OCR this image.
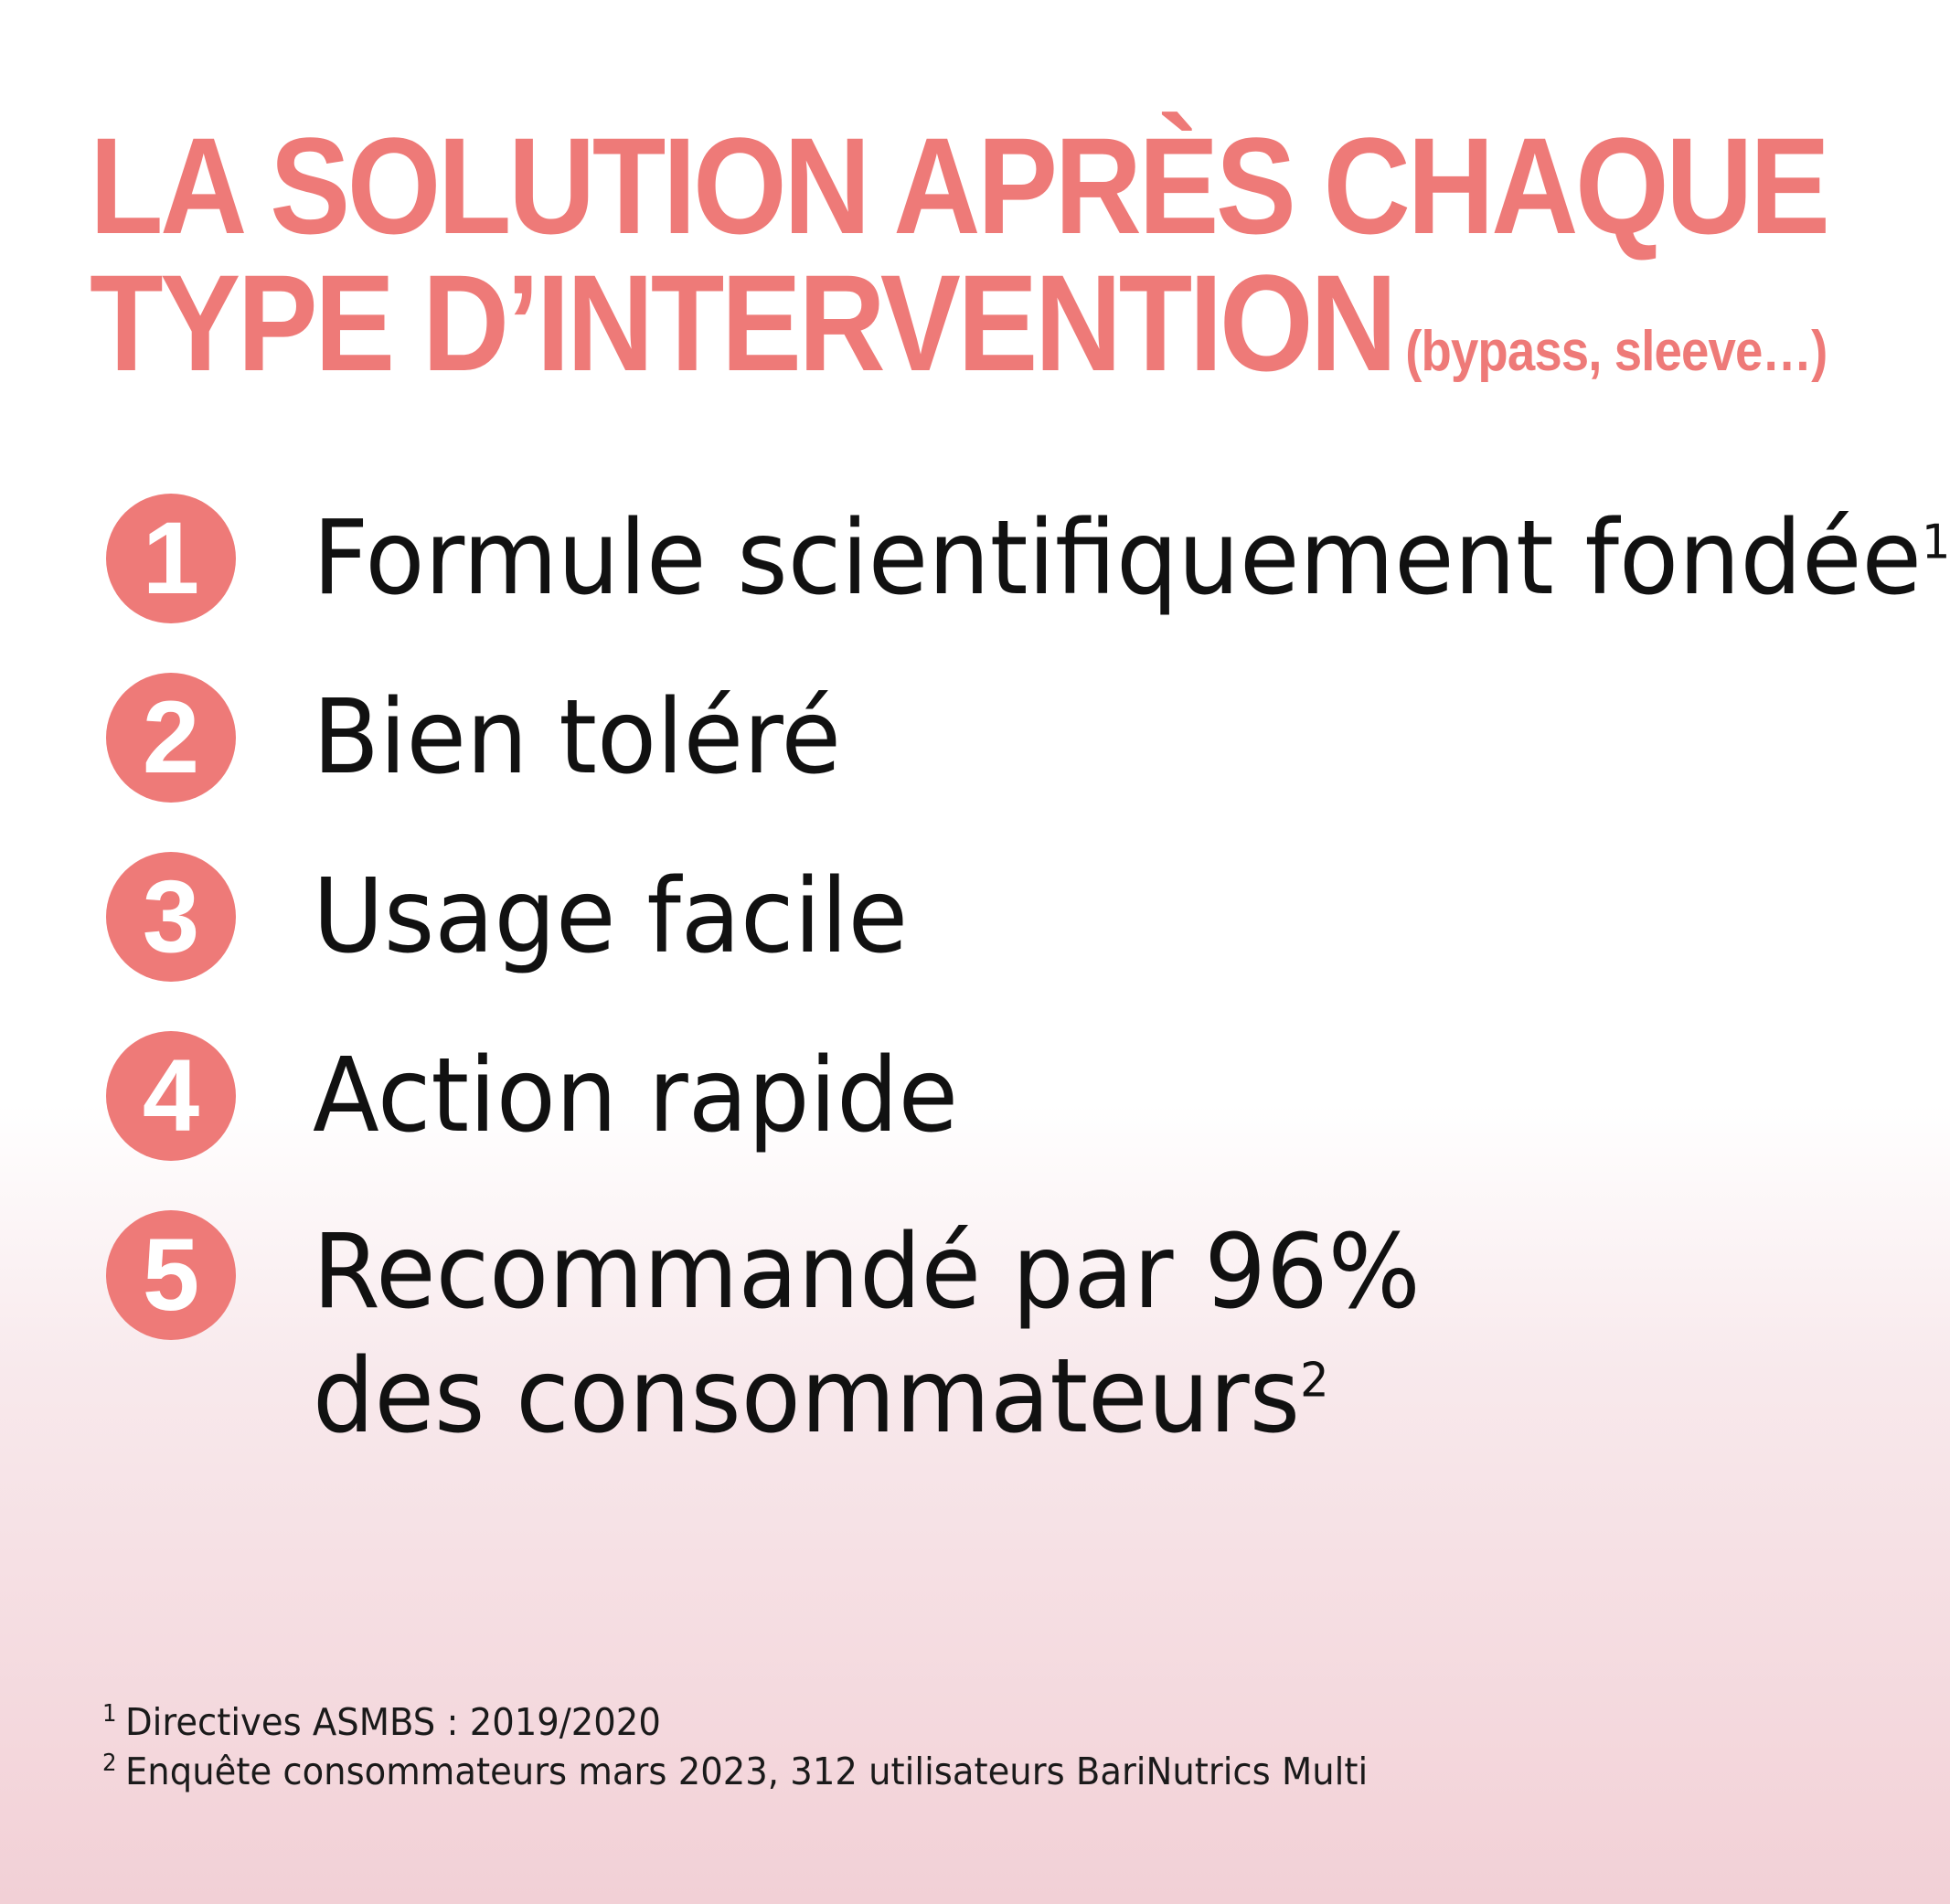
LA SOLUTION APRÈS CHAQUE
TYPE D’INTERVENTION (bypass, sleeve…)
1	Formule scientifiquement fondée$^1$
2	Bien toléré
3	Usage facile
4	Action rapide
5	Recommandé par 96% des consommateurs$^2$
$^1$ Directives ASMBS : 2019/2020
$^2$ Enquête consommateurs mars 2023, 312 utilisateurs BariNutrics Multi
